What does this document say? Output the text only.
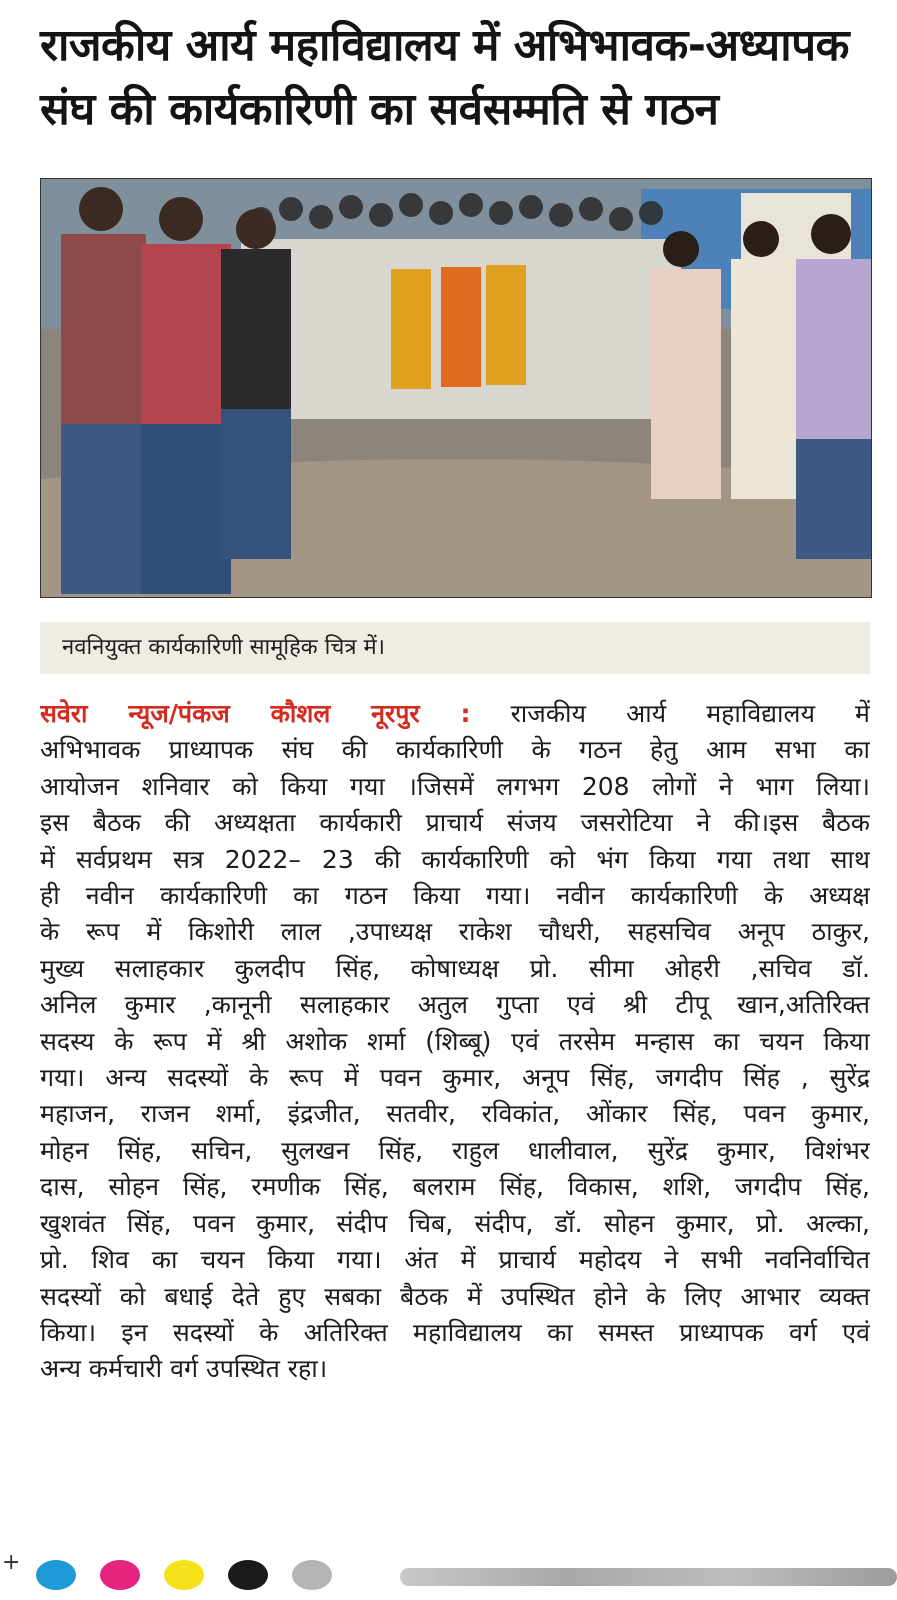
राजकीय आर्य महाविद्यालय में अभिभावक-अध्यापक
संघ की कार्यकारिणी का सर्वसम्मति से गठन
नवनियुक्त कार्यकारिणी सामूहिक चित्र में।
सवेरा न्यूज/पंकज कौशल नूरपुर : राजकीय आर्य महाविद्यालय में
अभिभावक प्राध्यापक संघ की कार्यकारिणी के गठन हेतु आम सभा का
आयोजन शनिवार को किया गया ।जिसमें लगभग 208 लोगों ने भाग लिया।
इस बैठक की अध्यक्षता कार्यकारी प्राचार्य संजय जसरोटिया ने की।इस बैठक
में सर्वप्रथम सत्र 2022– 23 की कार्यकारिणी को भंग किया गया तथा साथ
ही नवीन कार्यकारिणी का गठन किया गया। नवीन कार्यकारिणी के अध्यक्ष
के रूप में किशोरी लाल ,उपाध्यक्ष राकेश चौधरी, सहसचिव अनूप ठाकुर,
मुख्य सलाहकार कुलदीप सिंह, कोषाध्यक्ष प्रो. सीमा ओहरी ,सचिव डॉ.
अनिल कुमार ,कानूनी सलाहकार अतुल गुप्ता एवं श्री टीपू खान,अतिरिक्त
सदस्य के रूप में श्री अशोक शर्मा (शिब्बू) एवं तरसेम मन्हास का चयन किया
गया। अन्य सदस्यों के रूप में पवन कुमार, अनूप सिंह, जगदीप सिंह , सुरेंद्र
महाजन, राजन शर्मा, इंद्रजीत, सतवीर, रविकांत, ओंकार सिंह, पवन कुमार,
मोहन सिंह, सचिन, सुलखन सिंह, राहुल धालीवाल, सुरेंद्र कुमार, विशंभर
दास, सोहन सिंह, रमणीक सिंह, बलराम सिंह, विकास, शशि, जगदीप सिंह,
खुशवंत सिंह, पवन कुमार, संदीप चिब, संदीप, डॉ. सोहन कुमार, प्रो. अल्का,
प्रो. शिव का चयन किया गया। अंत में प्राचार्य महोदय ने सभी नवनिर्वाचित
सदस्यों को बधाई देते हुए सबका बैठक में उपस्थित होने के लिए आभार व्यक्त
किया। इन सदस्यों के अतिरिक्त महाविद्यालय का समस्त प्राध्यापक वर्ग एवं
अन्य कर्मचारी वर्ग उपस्थित रहा।
+
